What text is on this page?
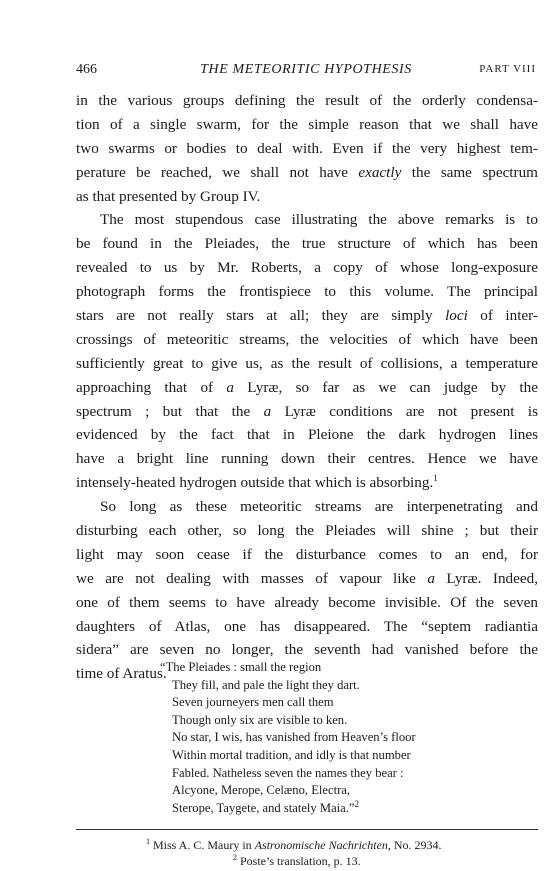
466	THE METEORITIC HYPOTHESIS	PART VIII
in the various groups defining the result of the orderly condensa-
tion of a single swarm, for the simple reason that we shall have
two swarms or bodies to deal with. Even if the very highest tem-
perature be reached, we shall not have exactly the same spectrum
as that presented by Group IV.
The most stupendous case illustrating the above remarks is to
be found in the Pleiades, the true structure of which has been
revealed to us by Mr. Roberts, a copy of whose long-exposure
photograph forms the frontispiece to this volume. The principal
stars are not really stars at all; they are simply loci of inter-
crossings of meteoritic streams, the velocities of which have been
sufficiently great to give us, as the result of collisions, a temperature
approaching that of a Lyræ, so far as we can judge by the
spectrum ; but that the a Lyræ conditions are not present is
evidenced by the fact that in Pleione the dark hydrogen lines
have a bright line running down their centres. Hence we have
intensely-heated hydrogen outside that which is absorbing.$^1$
So long as these meteoritic streams are interpenetrating and
disturbing each other, so long the Pleiades will shine ; but their
light may soon cease if the disturbance comes to an end, for
we are not dealing with masses of vapour like a Lyræ. Indeed,
one of them seems to have already become invisible. Of the seven
daughters of Atlas, one has disappeared. The “septem radiantia
sidera” are seven no longer, the seventh had vanished before the
time of Aratus.
“The Pleiades : small the region
They fill, and pale the light they dart.
Seven journeyers men call them
Though only six are visible to ken.
No star, I wis, has vanished from Heaven’s floor
Within mortal tradition, and idly is that number
Fabled. Natheless seven the names they bear :
Alcyone, Merope, Celæno, Electra,
Sterope, Taygete, and stately Maia.”$^2$
$^1$ Miss A. C. Maury in Astronomische Nachrichten, No. 2934.
$^2$ Poste’s translation, p. 13.
